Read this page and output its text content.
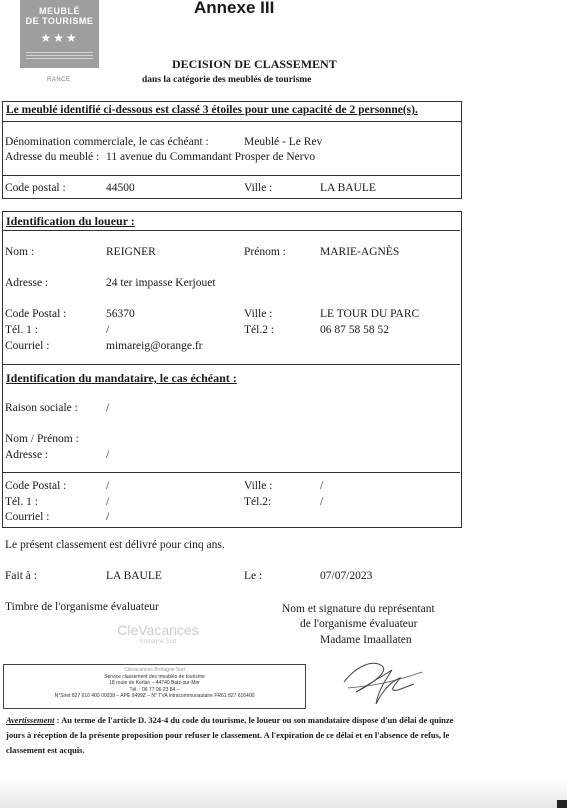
MEUBLÉ
DE TOURISME
★★★
RANCE
Annexe III
DECISION DE CLASSEMENT
dans la catégorie des meublés de tourisme
Le meublé identifié ci-dessous est classé 3 étoiles pour une capacité de 2 personne(s).
Dénomination commerciale, le cas échéant :	Meublé - Le Rev
Adresse du meublé : 11 avenue du Commandant Prosper de Nervo
Code postal :	44500	Ville :	LA BAULE
Identification du loueur :
Nom :	REIGNER	Prénom :	MARIE-AGNÈS
Adresse :	24 ter impasse Kerjouet
Code Postal :	56370	Ville :	LE TOUR DU PARC
Tél. 1 :	/	Tél.2 :	06 87 58 58 52
Courriel :	mimareig@orange.fr
Identification du mandataire, le cas échéant :
Raison sociale : /
Nom / Prénom :
Adresse :	/
Code Postal :	/	Ville :	/
Tél. 1 :	/	Tél.2:	/
Courriel :	/
Le présent classement est délivré pour cinq ans.
Fait à :	LA BAULE	Le :	07/07/2023
Timbre de l'organisme évaluateur	Nom et signature du représentant
de l'organisme évaluateur
Madame Imaallaten
CleVacances
Bretagne Sud
Clévacances Bretagne Sud
Service classement des meublés de tourisme
18 route de Kerlan – 44740 Batz-sur-Mer
Tél. : 06 77 06 23 84 –
N°Siret 827 616 400 00038 – APE 9499Z – N° TVA intracommunautaire FR61 827 616400
Avertissement : Au terme de l'article D. 324-4 du code du tourisme, le loueur ou son mandataire dispose d'un délai de quinze jours à réception de la présente proposition pour refuser le classement. A l'expiration de ce délai et en l'absence de refus, le classement est acquis.
